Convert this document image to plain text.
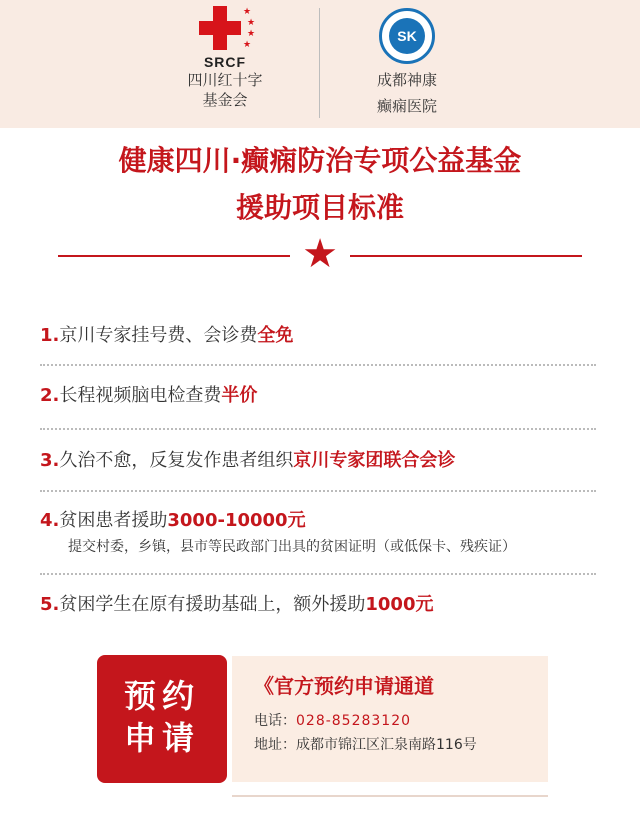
★
★
★
★
SRCF
四川红十字
基金会
SK
成都神康
癫痫医院
健康四川·癫痫防治专项公益基金
援助项目标准
★
1.京川专家挂号费、会诊费全免
2.长程视频脑电检查费半价
3.久治不愈，反复发作患者组织京川专家团联合会诊
4.贫困患者援助3000-10000元
提交村委，乡镇，县市等民政部门出具的贫困证明（或低保卡、残疾证）
5.贫困学生在原有援助基础上，额外援助1000元
预约
申请
《官方预约申请通道
电话：028-85283120
地址：成都市锦江区汇泉南路116号
